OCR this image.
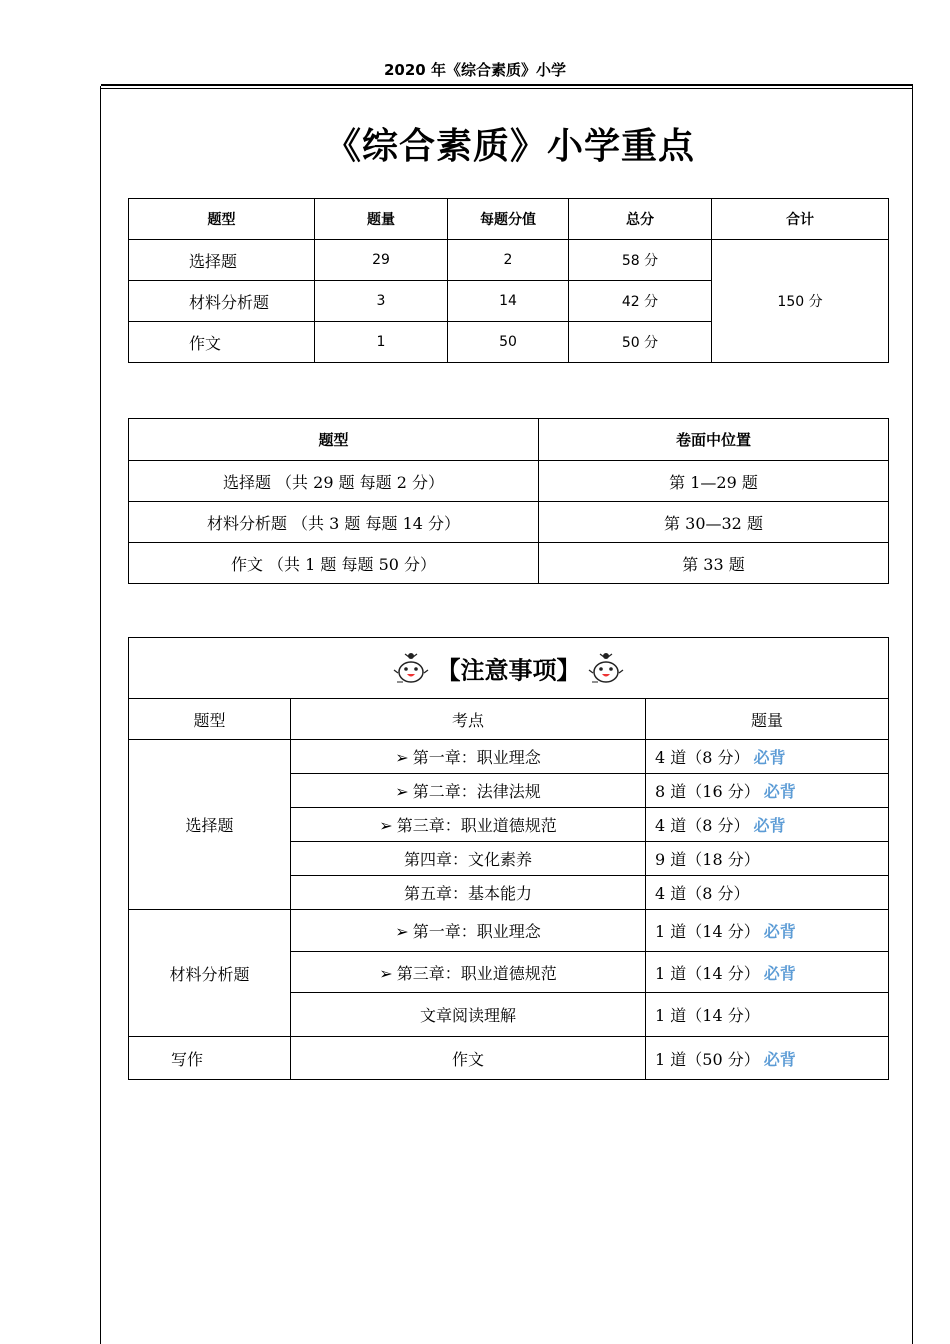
2020 年《综合素质》小学
《综合素质》小学重点
题型	题量	每题分值	总分	合计
选择题	29	2	58 分	150 分
材料分析题	3	14	42 分	
作文	1	50	50 分	
题型	卷面中位置
选择题 （共 29 题 每题 2 分）	第 1—29 题
材料分析题 （共 3 题 每题 14 分）	第 30—32 题
作文 （共 1 题 每题 50 分）	第 33 题
【注意事项】		
题型	考点	题量
选择题	➢ 第一章：职业理念	4 道（8 分） 必背
	➢ 第二章：法律法规	8 道（16 分） 必背
	➢ 第三章：职业道德规范	4 道（8 分） 必背
	第四章：文化素养	9 道（18 分）
	第五章：基本能力	4 道（8 分）
材料分析题	➢ 第一章：职业理念	1 道（14 分） 必背
	➢ 第三章：职业道德规范	1 道（14 分） 必背
	文章阅读理解	1 道（14 分）
写作	作文	1 道（50 分） 必背
